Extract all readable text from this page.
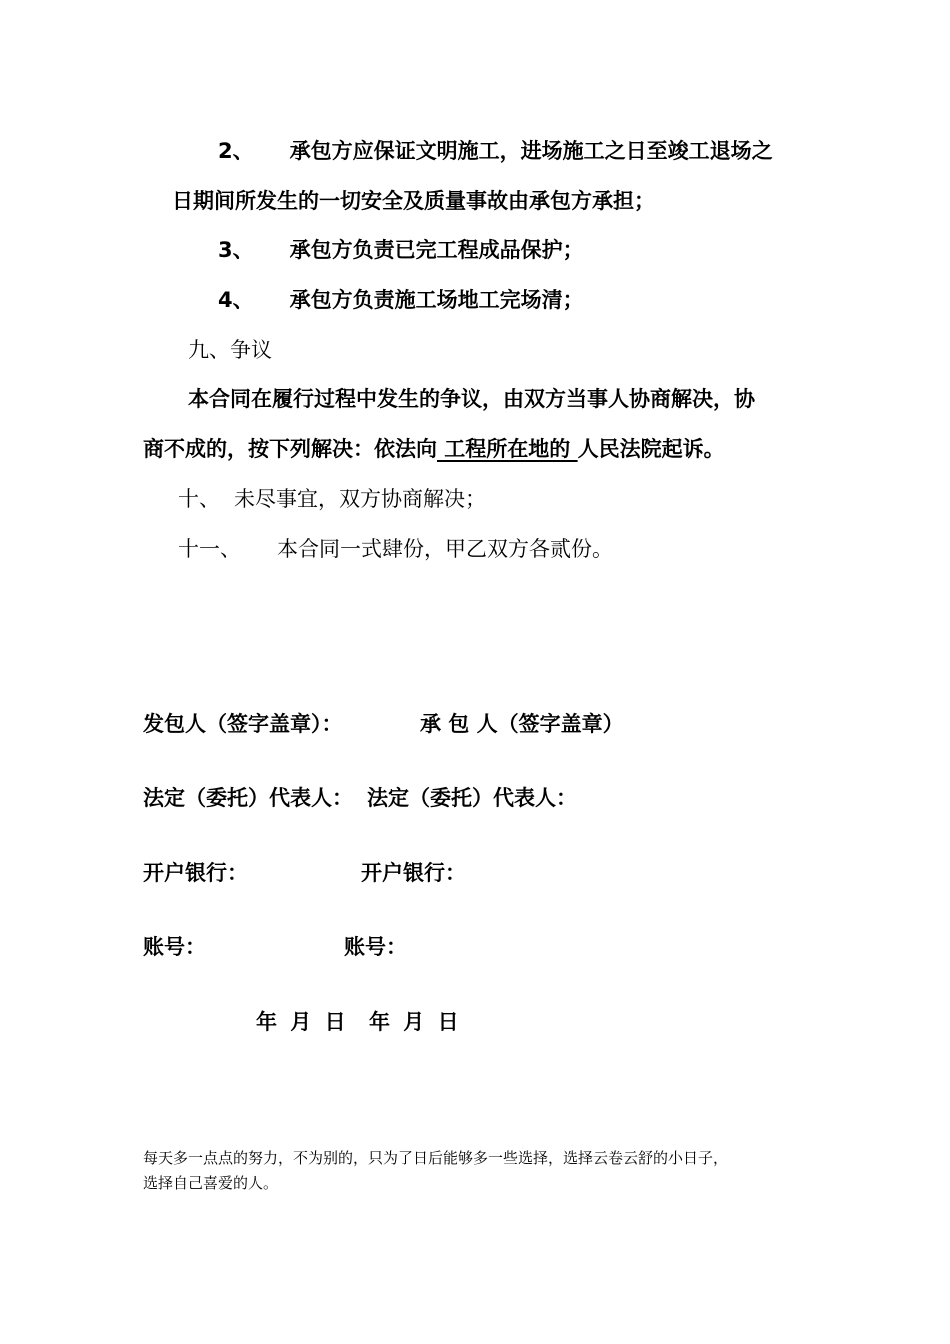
2、 承包方应保证文明施工，进场施工之日至竣工退场之
日期间所发生的一切安全及质量事故由承包方承担；
3、 承包方负责已完工程成品保护；
4、 承包方负责施工场地工完场清；
九、争议
本合同在履行过程中发生的争议，由双方当事人协商解决，协
商不成的，按下列解决：依法向 工程所在地的 人民法院起诉。
十、 未尽事宜，双方协商解决；
十一、 本合同一式肆份，甲乙双方各贰份。
发包人（签字盖章）：	承 包 人（签字盖章）
法定（委托）代表人： 法定（委托）代表人：
开户银行：	开户银行：
账号：	账号：
年 月 日 年 月 日
每天多一点点的努力，不为别的，只为了日后能够多一些选择，选择云卷云舒的小日子，
选择自己喜爱的人。
